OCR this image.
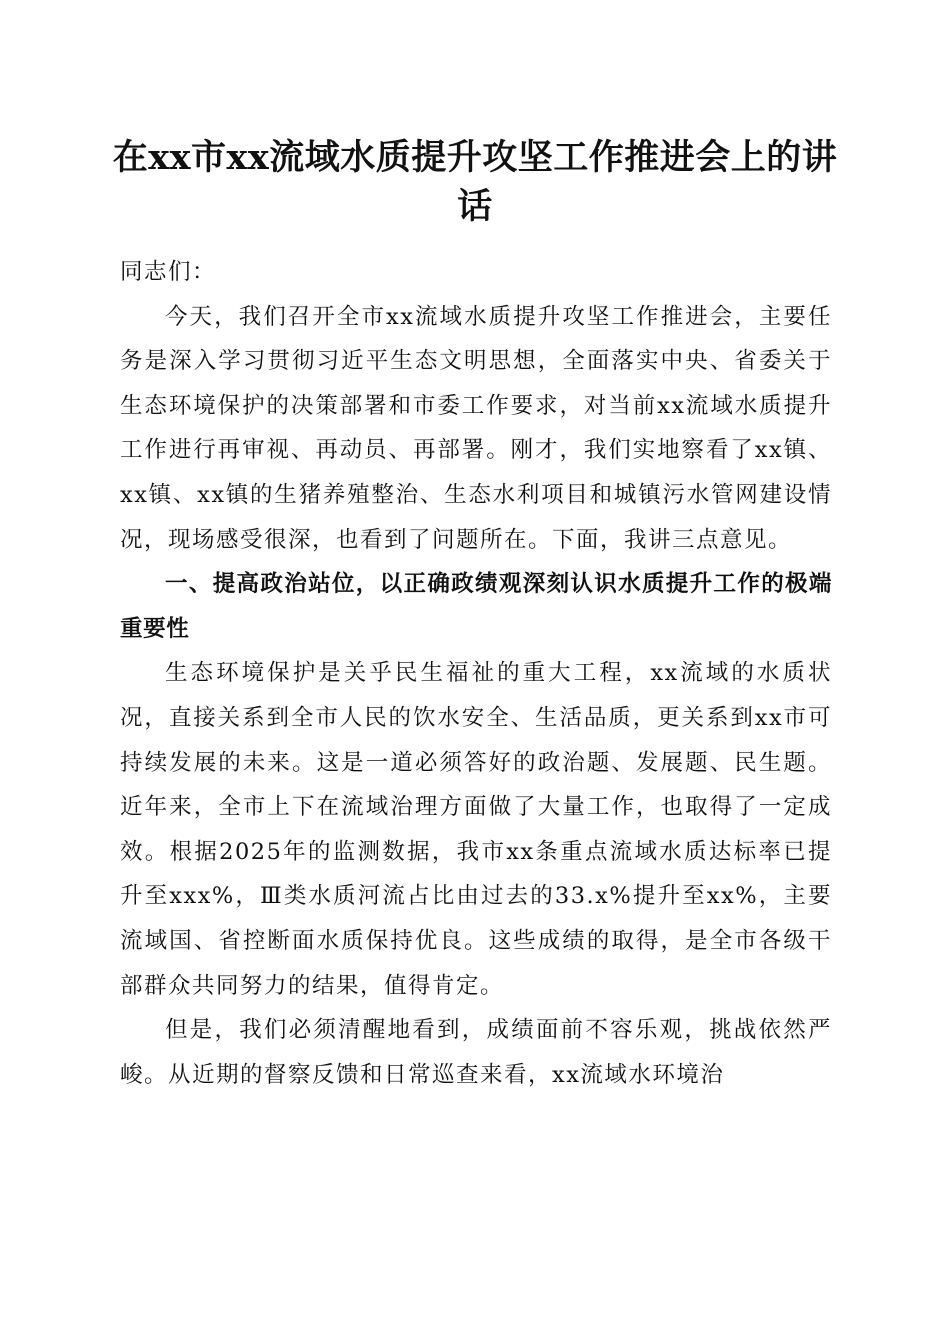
在xx市xx流域水质提升攻坚工作推进会上的讲话

同志们：

今天，我们召开全市xx流域水质提升攻坚工作推进会，主要任务是深入学习贯彻习近平生态文明思想，全面落实中央、省委关于生态环境保护的决策部署和市委工作要求，对当前xx流域水质提升工作进行再审视、再动员、再部署。刚才，我们实地察看了xx镇、xx镇、xx镇的生猪养殖整治、生态水利项目和城镇污水管网建设情况，现场感受很深，也看到了问题所在。下面，我讲三点意见。

一、提高政治站位，以正确政绩观深刻认识水质提升工作的极端重要性

生态环境保护是关乎民生福祉的重大工程，xx流域的水质状况，直接关系到全市人民的饮水安全、生活品质，更关系到xx市可持续发展的未来。这是一道必须答好的政治题、发展题、民生题。近年来，全市上下在流域治理方面做了大量工作，也取得了一定成效。根据2025年的监测数据，我市xx条重点流域水质达标率已提升至xxx%，Ⅲ类水质河流占比由过去的33.x%提升至xx%，主要流域国、省控断面水质保持优良。这些成绩的取得，是全市各级干部群众共同努力的结果，值得肯定。

但是，我们必须清醒地看到，成绩面前不容乐观，挑战依然严峻。从近期的督察反馈和日常巡查来看，xx流域水环境治
